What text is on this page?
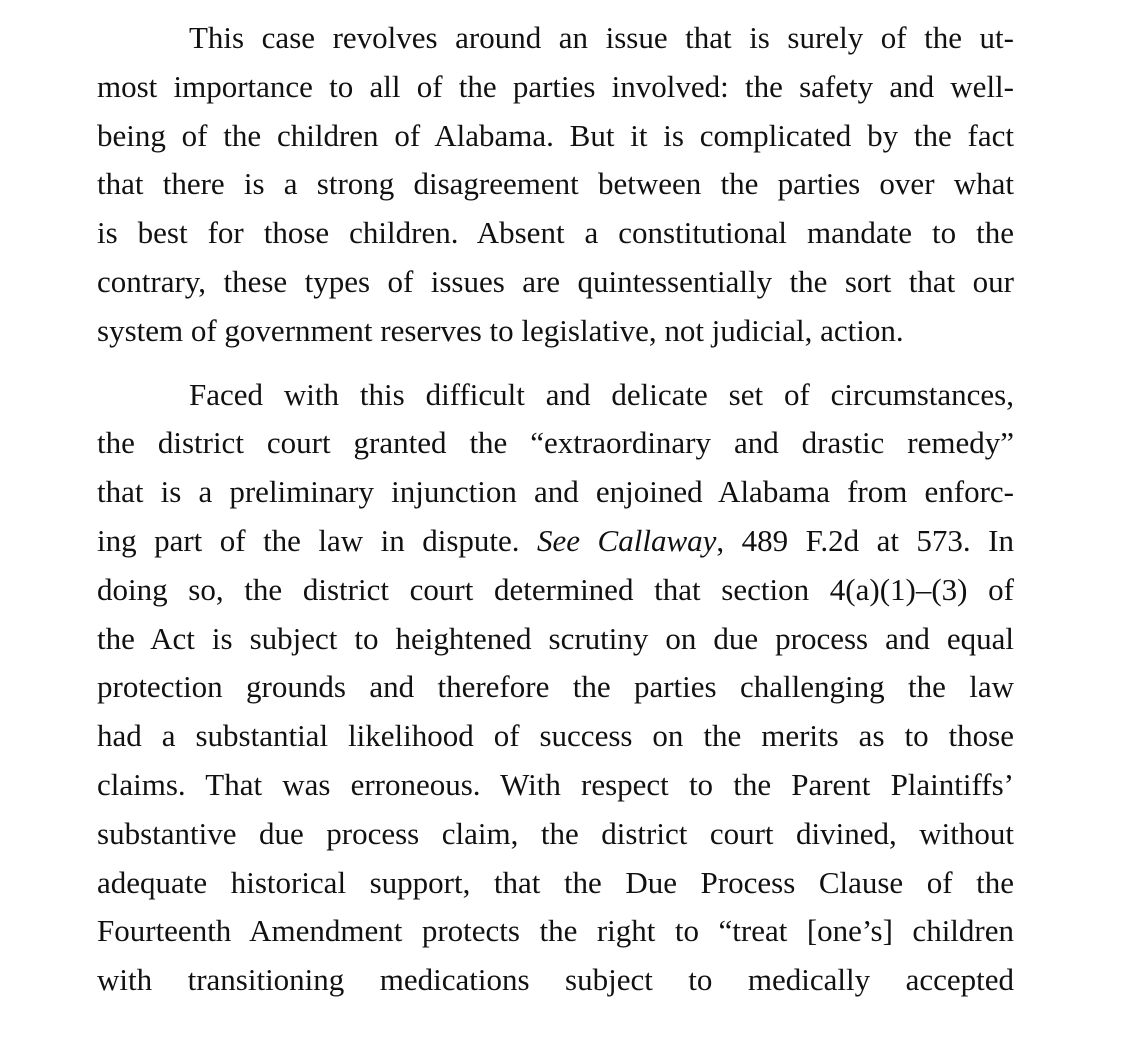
This case revolves around an issue that is surely of the ut-
most importance to all of the parties involved: the safety and well-
being of the children of Alabama. But it is complicated by the fact
that there is a strong disagreement between the parties over what
is best for those children. Absent a constitutional mandate to the
contrary, these types of issues are quintessentially the sort that our
system of government reserves to legislative, not judicial, action.
Faced with this difficult and delicate set of circumstances,
the district court granted the “extraordinary and drastic remedy”
that is a preliminary injunction and enjoined Alabama from enforc-
ing part of the law in dispute. See Callaway, 489 F.2d at 573. In
doing so, the district court determined that section 4(a)(1)–(3) of
the Act is subject to heightened scrutiny on due process and equal
protection grounds and therefore the parties challenging the law
had a substantial likelihood of success on the merits as to those
claims. That was erroneous. With respect to the Parent Plaintiffs’
substantive due process claim, the district court divined, without
adequate historical support, that the Due Process Clause of the
Fourteenth Amendment protects the right to “treat [one’s] children
with transitioning medications subject to medically accepted
